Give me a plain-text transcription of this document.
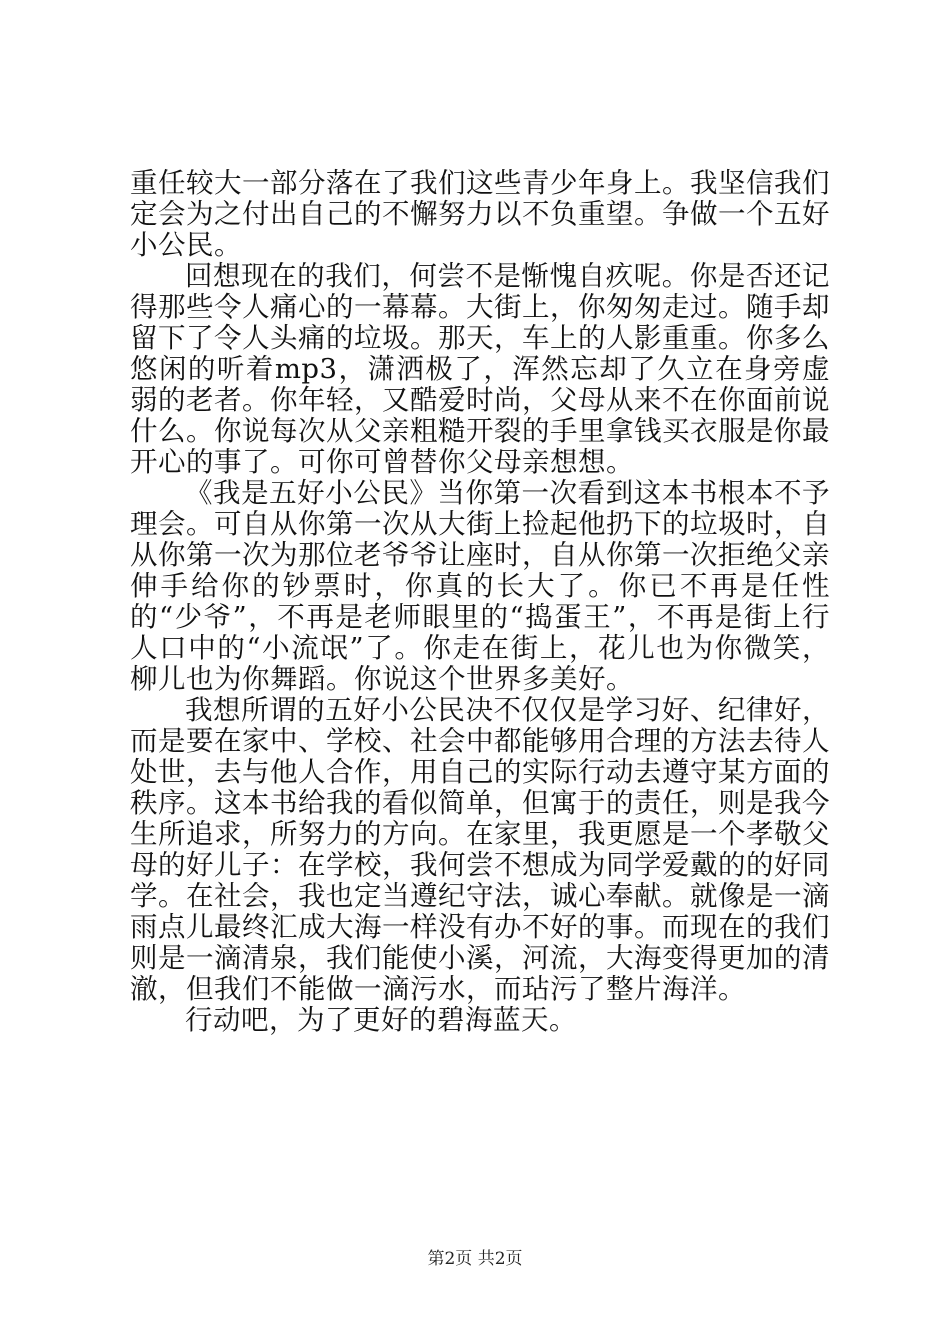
重任较大一部分落在了我们这些青少年身上。我坚信我们定会为之付出自己的不懈努力以不负重望。争做一个五好小公民。

回想现在的我们，何尝不是惭愧自疚呢。你是否还记得那些令人痛心的一幕幕。大街上，你匆匆走过。随手却留下了令人头痛的垃圾。那天，车上的人影重重。你多么悠闲的听着mp3，潇洒极了，浑然忘却了久立在身旁虚弱的老者。你年轻，又酷爱时尚，父母从来不在你面前说什么。你说每次从父亲粗糙开裂的手里拿钱买衣服是你最开心的事了。可你可曾替你父母亲想想。

《我是五好小公民》当你第一次看到这本书根本不予理会。可自从你第一次从大街上捡起他扔下的垃圾时，自从你第一次为那位老爷爷让座时，自从你第一次拒绝父亲伸手给你的钞票时，你真的长大了。你已不再是任性的“少爷”，不再是老师眼里的“捣蛋王”，不再是街上行人口中的“小流氓”了。你走在街上，花儿也为你微笑，柳儿也为你舞蹈。你说这个世界多美好。

我想所谓的五好小公民决不仅仅是学习好、纪律好，而是要在家中、学校、社会中都能够用合理的方法去待人处世，去与他人合作，用自己的实际行动去遵守某方面的秩序。这本书给我的看似简单，但寓于的责任，则是我今生所追求，所努力的方向。在家里，我更愿是一个孝敬父母的好儿子：在学校，我何尝不想成为同学爱戴的的好同学。在社会，我也定当遵纪守法，诚心奉献。就像是一滴雨点儿最终汇成大海一样没有办不好的事。而现在的我们则是一滴清泉，我们能使小溪，河流，大海变得更加的清澈，但我们不能做一滴污水，而玷污了整片海洋。

行动吧，为了更好的碧海蓝天。

第2页 共2页
